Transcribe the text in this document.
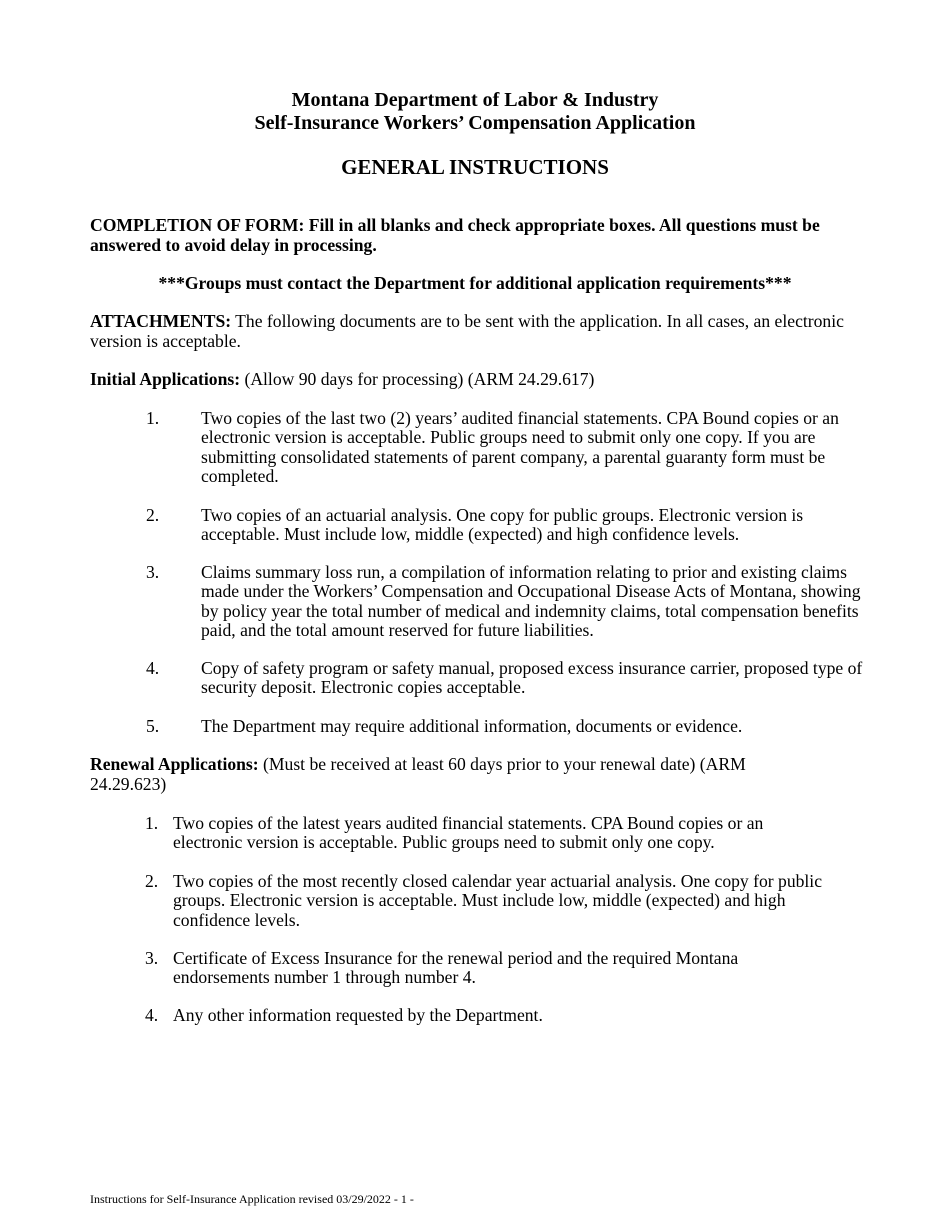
Montana Department of Labor & Industry
Self-Insurance Workers’ Compensation Application
GENERAL INSTRUCTIONS
COMPLETION OF FORM: Fill in all blanks and check appropriate boxes. All questions must be answered to avoid delay in processing.
***Groups must contact the Department for additional application requirements***
ATTACHMENTS: The following documents are to be sent with the application. In all cases, an electronic version is acceptable.
Initial Applications: (Allow 90 days for processing) (ARM 24.29.617)
1. Two copies of the last two (2) years’ audited financial statements. CPA Bound copies or an electronic version is acceptable. Public groups need to submit only one copy. If you are submitting consolidated statements of parent company, a parental guaranty form must be completed.
2. Two copies of an actuarial analysis. One copy for public groups. Electronic version is acceptable. Must include low, middle (expected) and high confidence levels.
3. Claims summary loss run, a compilation of information relating to prior and existing claims made under the Workers’ Compensation and Occupational Disease Acts of Montana, showing by policy year the total number of medical and indemnity claims, total compensation benefits paid, and the total amount reserved for future liabilities.
4. Copy of safety program or safety manual, proposed excess insurance carrier, proposed type of security deposit. Electronic copies acceptable.
5. The Department may require additional information, documents or evidence.
Renewal Applications: (Must be received at least 60 days prior to your renewal date) (ARM 24.29.623)
1. Two copies of the latest years audited financial statements. CPA Bound copies or an electronic version is acceptable. Public groups need to submit only one copy.
2. Two copies of the most recently closed calendar year actuarial analysis. One copy for public groups. Electronic version is acceptable. Must include low, middle (expected) and high confidence levels.
3. Certificate of Excess Insurance for the renewal period and the required Montana endorsements number 1 through number 4.
4. Any other information requested by the Department.
Instructions for Self-Insurance Application revised 03/29/2022 - 1 -
